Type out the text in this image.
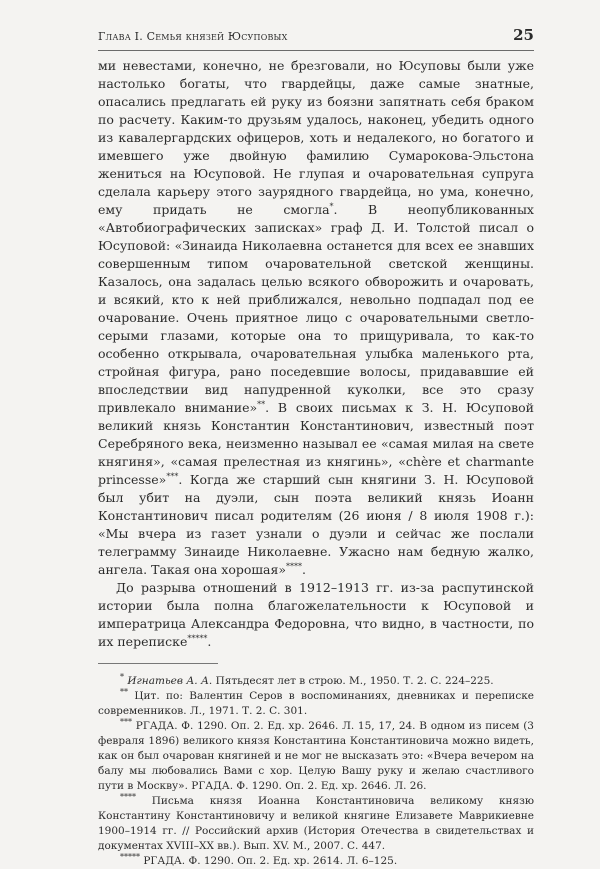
Глава I. Семья князей Юсуповых	25

ми невестами, конечно, не брезговали, но Юсуповы были уже настолько богаты, что гвардейцы, даже самые знатные, опасались предлагать ей руку из боязни запятнать себя браком по расчету. Каким-то друзьям удалось, наконец, убедить одного из кавалергардских офицеров, хоть и недалекого, но богатого и имевшего уже двойную фамилию Сумарокова-Эльстона жениться на Юсуповой. Не глупая и очаровательная супруга сделала карьеру этого заурядного гвардейца, но ума, конечно, ему придать не смогла*. В неопубликованных «Автобиографических записках» граф Д. И. Толстой писал о Юсуповой: «Зинаида Николаевна останется для всех ее знавших совершенным типом очаровательной светской женщины. Казалось, она задалась целью всякого обворожить и очаровать, и всякий, кто к ней приближался, невольно подпадал под ее очарование. Очень приятное лицо с очаровательными светло-серыми глазами, которые она то прищуривала, то как-то особенно открывала, очаровательная улыбка маленького рта, стройная фигура, рано поседевшие волосы, придававшие ей впоследствии вид напудренной куколки, все это сразу привлекало внимание»**. В своих письмах к З. Н. Юсуповой великий князь Константин Константинович, известный поэт Серебряного века, неизменно называл ее «самая милая на свете княгиня», «самая прелестная из княгинь», «chère et charmante princesse»***. Когда же старший сын княгини З. Н. Юсуповой был убит на дуэли, сын поэта великий князь Иоанн Константинович писал родителям (26 июня / 8 июля 1908 г.): «Мы вчера из газет узнали о дуэли и сейчас же послали телеграмму Зинаиде Николаевне. Ужасно нам бедную жалко, ангела. Такая она хорошая»****.

До разрыва отношений в 1912–1913 гг. из-за распутинской истории была полна благожелательности к Юсуповой и императрица Александра Федоровна, что видно, в частности, по их переписке*****.

* Игнатьев А. А. Пятьдесят лет в строю. М., 1950. Т. 2. С. 224–225.

** Цит. по: Валентин Серов в воспоминаниях, дневниках и переписке современников. Л., 1971. Т. 2. С. 301.

*** РГАДА. Ф. 1290. Оп. 2. Ед. хр. 2646. Л. 15, 17, 24. В одном из писем (3 февраля 1896) великого князя Константина Константиновича можно видеть, как он был очарован княгиней и не мог не высказать это: «Вчера вечером на балу мы любовались Вами с хор. Целую Вашу руку и желаю счастливого пути в Москву». РГАДА. Ф. 1290. Оп. 2. Ед. хр. 2646. Л. 26.

**** Письма князя Иоанна Константиновича великому князю Константину Константиновичу и великой княгине Елизавете Маврикиевне 1900–1914 гг. // Российский архив (История Отечества в свидетельствах и документах XVIII–XX вв.). Вып. XV. М., 2007. С. 447.

***** РГАДА. Ф. 1290. Оп. 2. Ед. хр. 2614. Л. 6–125.
